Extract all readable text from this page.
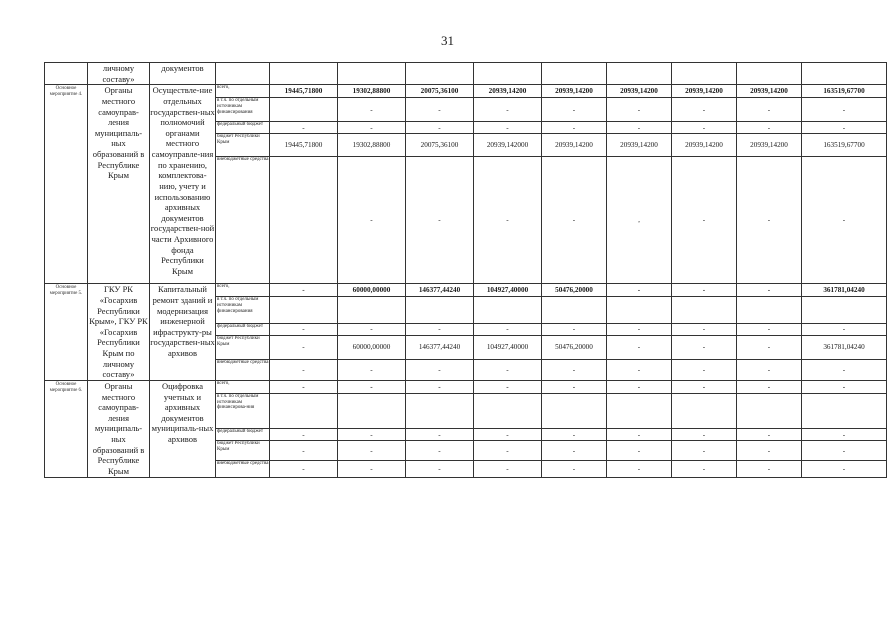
31
	личному составу»	документов										
Основное мероприятие 4.	Органы местного самоуправ-ления муниципаль-ных образований в Республике Крым	Осуществле-ние отдельных государствен-ных полномочий органами местного самоуправле-ния по хранению, комплектова-нию, учету и использованию архивных документов государствен-ной части Архивного фонда Республики Крым	всего,	19445,71800	19302,88800	20075,36100	20939,14200	20939,14200	20939,14200	20939,14200	20939,14200	163519,67700
			в т.ч. по отдельным источникам финансирования		-	-	-	-	-	-	-	-
			федеральный бюджет	-	-	-	-	-	-	-	-	-
			бюджет Республики Крым	19445,71800	19302,88800	20075,36100	20939,142000	20939,14200	20939,14200	20939,14200	20939,14200	163519,67700
			внебюджетные средства		-	-	-	-	,	-	-	-
Основное мероприятие 5.	ГКУ РК «Госархив Республики Крым», ГКУ РК «Госархив Республики Крым по личному составу»	Капитальный ремонт зданий и модернизация инженерной ифраструкту-ры государствен-ных архивов	всего,	-	60000,00000	146377,44240	104927,40000	50476,20000	-	-	-	361781,04240
			в т.ч. по отдельным источникам финансирования									
			федеральный бюджет	-	-	-	-	-	-	-	-	-
			бюджет Республики Крым	-	60000,00000	146377,44240	104927,40000	50476,20000	-	-	-	361781,04240
			внебюджетные средства	-	-	-	-	-	-	-	-	-
Основное мероприятие 6.	Органы местного самоуправ-ления муниципаль-ных образований в Республике Крым	Оцифровка учетных и архивных документов муниципаль-ных архивов	всего,	-	-	-	-	-	-	-	-	-
			в т.ч. по отдельным источникам финансирова-ния									
			федеральный бюджет	-	-	-	-	-	-	-	-	-
			бюджет Республики Крым	-	-	-	-	-	-	-	-	-
			внебюджетные средства	-	-	-	-	-	-	-	-	-
